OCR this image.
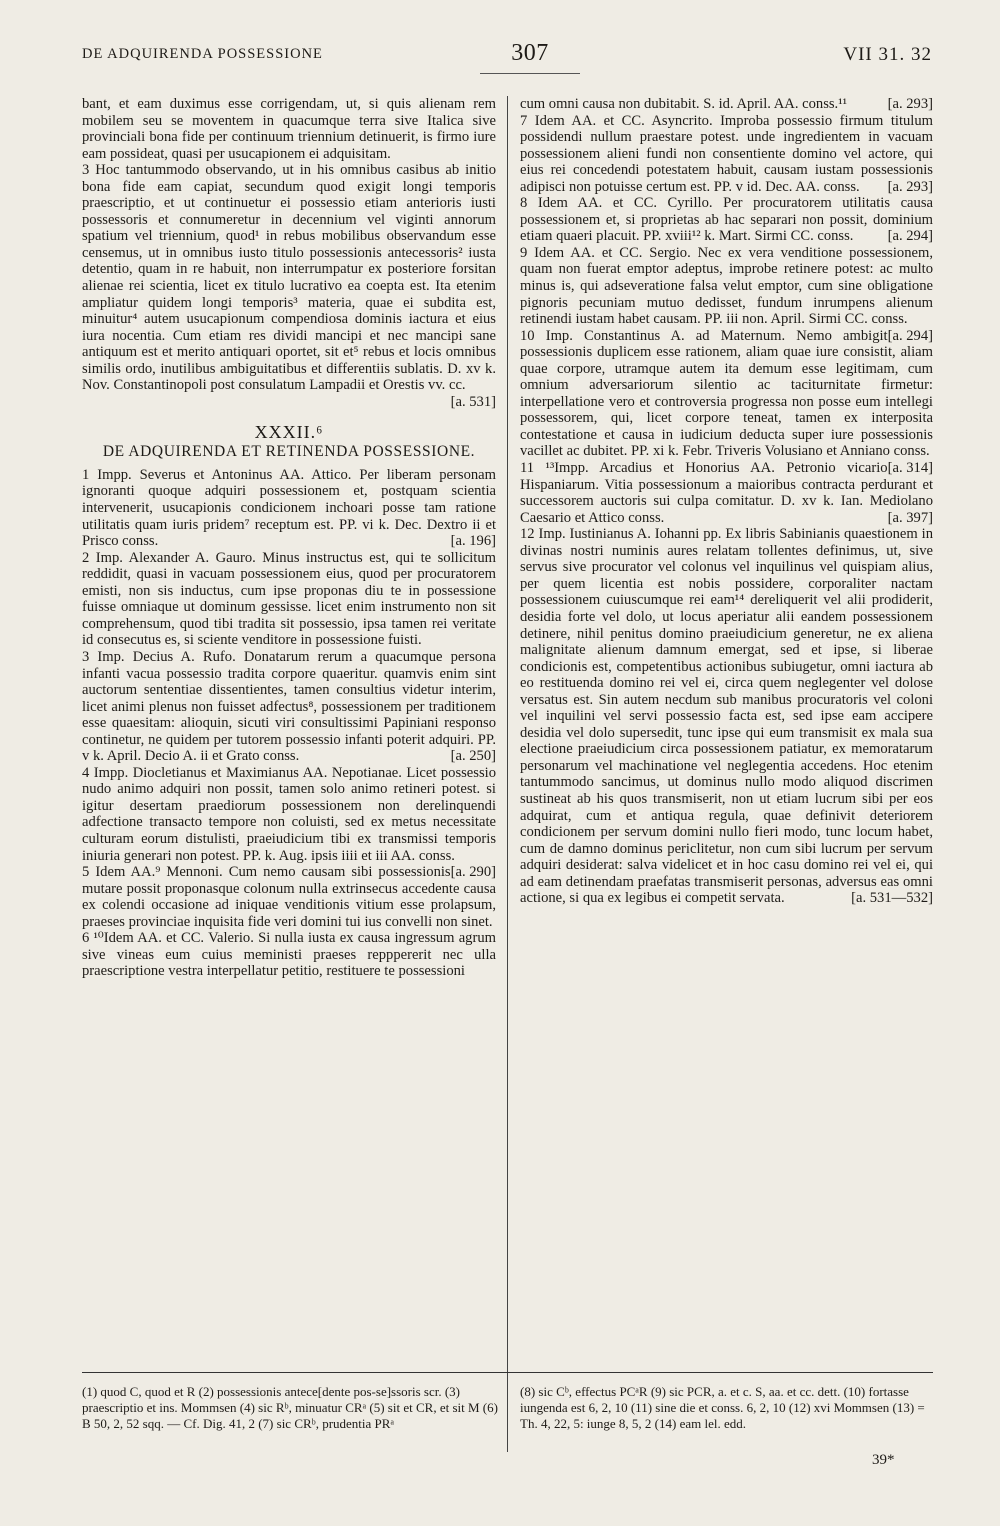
DE ADQUIRENDA POSSESSIONE	307	VII 31. 32

bant, et eam duximus esse corrigendam, ut, si quis alienam rem mobilem seu se moventem in quacumque terra sive Italica sive provinciali bona fide per continuum triennium detinuerit, is firmo iure eam possideat, quasi per usucapionem ei adquisitam.

3 Hoc tantummodo observando, ut in his omnibus casibus ab initio bona fide eam capiat, secundum quod exigit longi temporis praescriptio, et ut continuetur ei possessio etiam anterioris iusti possessoris et connumeretur in decennium vel viginti annorum spatium vel triennium, quod¹ in rebus mobilibus observandum esse censemus, ut in omnibus iusto titulo possessionis antecessoris² iusta detentio, quam in re habuit, non interrumpatur ex posteriore forsitan alienae rei scientia, licet ex titulo lucrativo ea coepta est. Ita etenim ampliatur quidem longi temporis³ materia, quae ei subdita est, minuitur⁴ autem usucapionum compendiosa dominis iactura et eius iura nocentia. Cum etiam res dividi mancipi et nec mancipi sane antiquum est et merito antiquari oportet, sit et⁵ rebus et locis omnibus similis ordo, inutilibus ambiguitatibus et differentiis sublatis. D. xv k. Nov. Constantinopoli post consulatum Lampadii et Orestis vv. cc.
[a. 531]

XXXII.⁶
DE ADQUIRENDA ET RETINENDA POSSESSIONE.

1 Impp. Severus et Antoninus AA. Attico. Per liberam personam ignoranti quoque adquiri possessionem et, postquam scientia intervenerit, usucapionis condicionem inchoari posse tam ratione utilitatis quam iuris pridem⁷ receptum est. PP. vi k. Dec. Dextro ii et Prisco conss.	[a. 196]

2 Imp. Alexander A. Gauro. Minus instructus est, qui te sollicitum reddidit, quasi in vacuam possessionem eius, quod per procuratorem emisti, non sis inductus, cum ipse proponas diu te in possessione fuisse omniaque ut dominum gessisse. licet enim instrumento non sit comprehensum, quod tibi tradita sit possessio, ipsa tamen rei veritate id consecutus es, si sciente venditore in possessione fuisti.

3 Imp. Decius A. Rufo. Donatarum rerum a quacumque persona infanti vacua possessio tradita corpore quaeritur. quamvis enim sint auctorum sententiae dissentientes, tamen consultius videtur interim, licet animi plenus non fuisset adfectus⁸, possessionem per traditionem esse quaesitam: alioquin, sicuti viri consultissimi Papiniani responso continetur, ne quidem per tutorem possessio infanti poterit adquiri. PP. v k. April. Decio A. ii et Grato conss.	[a. 250]

4 Impp. Diocletianus et Maximianus AA. Nepotianae. Licet possessio nudo animo adquiri non possit, tamen solo animo retineri potest. si igitur desertam praediorum possessionem non derelinquendi adfectione transacto tempore non coluisti, sed ex metus necessitate culturam eorum distulisti, praeiudicium tibi ex transmissi temporis iniuria generari non potest. PP. k. Aug. ipsis iiii et iii AA. conss.
[a. 290]

5 Idem AA.⁹ Mennoni. Cum nemo causam sibi possessionis mutare possit proponasque colonum nulla extrinsecus accedente causa ex colendi occasione ad iniquae venditionis vitium esse prolapsum, praeses provinciae inquisita fide veri domini tui ius convelli non sinet.

6 ¹⁰Idem AA. et CC. Valerio. Si nulla iusta ex causa ingressum agrum sive vineas eum cuius meministi praeses repppererit nec ulla praescriptione vestra interpellatur petitio, restituere te possessioni

cum omni causa non dubitabit. S. id. April. AA. conss.¹¹	[a. 293]

7 Idem AA. et CC. Asyncrito. Improba possessio firmum titulum possidendi nullum praestare potest. unde ingredientem in vacuam possessionem alieni fundi non consentiente domino vel actore, qui eius rei concedendi potestatem habuit, causam iustam possessionis adipisci non potuisse certum est. PP. v id. Dec. AA. conss. [a. 293]

8 Idem AA. et CC. Cyrillo. Per procuratorem utilitatis causa possessionem et, si proprietas ab hac separari non possit, dominium etiam quaeri placuit. PP. xviii¹² k. Mart. Sirmi CC. conss. [a. 294]

9 Idem AA. et CC. Sergio. Nec ex vera venditione possessionem, quam non fuerat emptor adeptus, improbe retinere potest: ac multo minus is, qui adseveratione falsa velut emptor, cum sine obligatione pignoris pecuniam mutuo dedisset, fundum inrumpens alienum retinendi iustam habet causam. PP. iii non. April. Sirmi CC. conss.
[a. 294]

10 Imp. Constantinus A. ad Maternum. Nemo ambigit possessionis duplicem esse rationem, aliam quae iure consistit, aliam quae corpore, utramque autem ita demum esse legitimam, cum omnium adversariorum silentio ac taciturnitate firmetur: interpellatione vero et controversia progressa non posse eum intellegi possessorem, qui, licet corpore teneat, tamen ex interposita contestatione et causa in iudicium deducta super iure possessionis vacillet ac dubitet. PP. xi k. Febr. Triveris Volusiano et Anniano conss.
[a. 314]

11 ¹³Impp. Arcadius et Honorius AA. Petronio vicario Hispaniarum. Vitia possessionum a maioribus contracta perdurant et successorem auctoris sui culpa comitatur. D. xv k. Ian. Mediolano Caesario et Attico conss.	[a. 397]

12 Imp. Iustinianus A. Iohanni pp. Ex libris Sabinianis quaestionem in divinas nostri numinis aures relatam tollentes definimus, ut, sive servus sive procurator vel colonus vel inquilinus vel quispiam alius, per quem licentia est nobis possidere, corporaliter nactam possessionem cuiuscumque rei eam¹⁴ dereliquerit vel alii prodiderit, desidia forte vel dolo, ut locus aperiatur alii eandem possessionem detinere, nihil penitus domino praeiudicium generetur, ne ex aliena malignitate alienum damnum emergat, sed et ipse, si liberae condicionis est, competentibus actionibus subiugetur, omni iactura ab eo restituenda domino rei vel ei, circa quem neglegenter vel dolose versatus est. Sin autem necdum sub manibus procuratoris vel coloni vel inquilini vel servi possessio facta est, sed ipse eam accipere desidia vel dolo supersedit, tunc ipse qui eum transmisit ex mala sua electione praeiudicium circa possessionem patiatur, ex memoratarum personarum vel machinatione vel neglegentia accedens. Hoc etenim tantummodo sancimus, ut dominus nullo modo aliquod discrimen sustineat ab his quos transmiserit, non ut etiam lucrum sibi per eos adquirat, cum et antiqua regula, quae definivit deteriorem condicionem per servum domini nullo fieri modo, tunc locum habet, cum de damno dominus periclitetur, non cum sibi lucrum per servum adquiri desiderat: salva videlicet et in hoc casu domino rei vel ei, qui ad eam detinendam praefatas transmiserit personas, adversus eas omni actione, si qua ex legibus ei competit servata.	[a. 531—532]

(1) quod C, quod et R (2) possessionis antece[dente pos-se]ssoris scr. (3) praescriptio et ins. Mommsen (4) sic Rᵇ, minuatur CRᵃ (5) sit et CR, et sit M (6) B 50, 2, 52 sqq. — Cf. Dig. 41, 2 (7) sic CRᵇ, prudentia PRᵃ
(8) sic Cᵇ, effectus PCᵃR (9) sic PCR, a. et c. S, aa. et cc. dett. (10) fortasse iungenda est 6, 2, 10 (11) sine die et conss. 6, 2, 10 (12) xvi Mommsen (13) = Th. 4, 22, 5: iunge 8, 5, 2 (14) eam lel. edd.
39*
